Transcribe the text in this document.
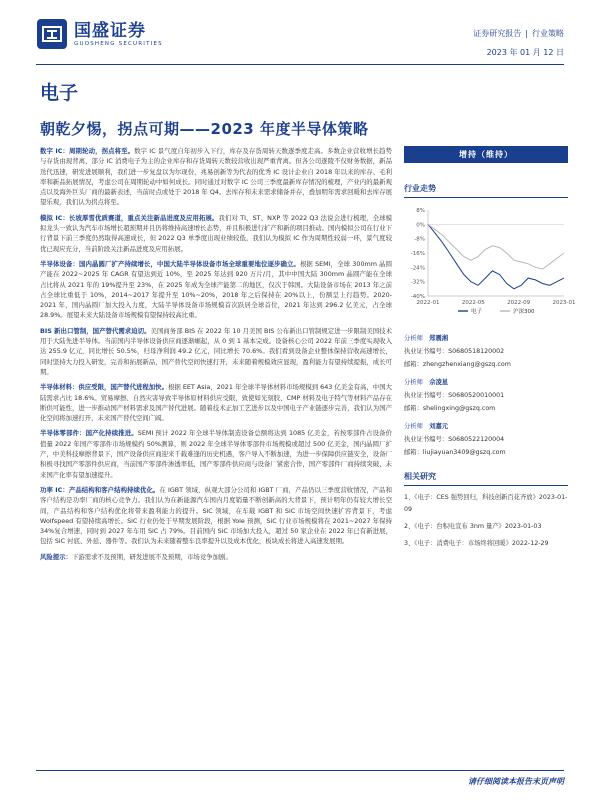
国盛证券
GUOSHENG SECURITIES
证券研究报告 | 行业策略
2023 年 01 月 12 日
电子
朝乾夕惕，拐点可期——2023 年度半导体策略

数字 IC：周期轮动，拐点将至。数字 IC 景气度自年初步入下行，库存及存货周转天数逐季度走高。多数企业营收增长趋势与存货由现背离，部分 IC 消费电子为主的企业库存和存货周转天数较营收出现严重背离。但各公司逐陵不仅财务数据，新品迭代迅速，研发进展顺利，我们进一步复盘以为尔现份，兆易创新等为代表的优秀 IC 设计企业自 2018 年以来的库存、毛利率和新品拓展情况，考虑公司在周期轮动中如何成长。同时通过对数字 IC 公司三季度最新库存情况的梳理，产业内的最新观点以及海外巨头厂商的最新表述，当前时点或处于 2018 年 Q4。去库存和未来需求储备并存，叠加明年需求回暖和去库存展望乐观，我们认为拐点将至。

模拟 IC：长坡厚雪优质赛道，重点关注新品进度及应用拓展。我们对 TI、ST、NXP 等 2022 Q3 法说会进行梳理，全球模拟龙头一致认为汽车市场增长超预期并且仍将维持高速增长态势，并且积极进行扩产和新的项目推动。国内模拟公司在行业下行背景下前三季度仍然取得高速成长，但 2022 Q3 单季度出现业绩较低，我们认为模拟 IC 作为周期性较弱一环，景气度较优已现应充分，当前阶段关注新品进度及应用拓展。

半导体设备：国内晶圆厂扩产持续增长，中国大陆半导体设备市场全球重要地位逐步确立。根据 SEMI，全球 300mm 晶圆产能在 2022~2025 年 CAGR 有望达到近 10%，至 2025 年达到 920 万片/月，其中中国大陆 300mm 晶圆产能在全球占比将从 2021 年的 19%提升至 23%，在 2025 年成为全球产能第二的地区，仅次于韩国。大陆设备市场在 2013 年之前占全球比重低于 10%，2014~2017 年提升至 10%~20%，2018 年之后保持在 20%以上，份额呈上行趋势。2020-2021 年，国内晶圆厂加大投入力度，大陆半导体设备市场规模首次跃居全球首位，2021 年达到 296.2 亿美元，占全球 28.9%。展望未来大陆设备市场规模有望保持较高比重。

BIS 新出口管制，国产替代需求迫切。美国商务部 BIS 在 2022 年 10 月美国 BIS 公布新出口管制规定进一步限制美国技术用于大陆先进半导体。当前国内半导体设备供应商逐渐崛起，从 0 到 1 基本完成。设备核心公司 2022 年前三季度实现收入达 255.9 亿元，同比增长 50.5%，归母净利润 49.2 亿元，同比增长 70.6%。我们看到设备企业整体保持营收高速增长，同时坚持大力投入研发，完善和拓展新品，国产替代空间快速打开，未来随着规模效应显现，盈利能力有望持续提振，成长可期。

半导体材料：供应受限，国产替代进程加快。根据 EET Asia，2021 年全球半导体材料市场规模到 643 亿美金有高，中国大陆需求占比 18.6%。贸易摩擦、自然灾害导致半导体原材料供应受限，致使如光刻胶、CMP 材料及电子特气等材料产品存在断供可能性，进一步推动国产材料需求及国产替代进展。随着技术正加工艺进步以及中国电子产业链逐步完善，我们认为国产化空间将加速打开，未来国产替代空间广阔。

半导体零部件：国产化持续推进。SEMI 预计 2022 年全球半导体制造设备总额将达到 1085 亿美金，若按零部件占设备价值量 2022 年国产零部件市场规模约 50%测算，则 2022 年全球半导体零部件市场规模或超过 500 亿美金，国内晶圆厂扩产，中美科技摩擦背景下，国产设备供应商迎来千载难逢的历史机遇，客户导入不断加速，为进一步保障供应链安全，设备厂积极寻找国产零部件供应商，当前国产零部件渗透率低，国产零部件供应商与设备厂紧密合作，国产零部件厂商持续突破，未来国产化率有望加速提升。

功率 IC：产品结构和客户结构持续优化。在 IGBT 领域，纵观大部分公司和 IGBT 厂商，产品仍以三季度营收情况，产品和客户结构是功率厂商的核心竞争力。我们认为在新能源汽车国内月度销量不断创新高的大背景下，预计明年仍有较大增长空间，产品结构和客户结构优化将带来盈利能力的提升。SiC 领域，在车载 IGBT 和 SiC 市场空间快速扩容背景下，考虑 Wolfspeed 有望持续高增长。SiC 行业仍处于早期发展阶段，根据 Yole 预测，SiC 行业市场规模将在 2021~2027 年保持 34%复合增速，同时到 2027 年车用 SiC 占 79%。目前国内 SiC 市场加大投入，超过 50 家企业在 2022 年已有新进展，包括 SiC 衬底、外延、器件等。我们认为未来随着整车良率提升以及成本优化，板块成长将进入高速发展期。

风险提示：下游需求不及预期，研发进展不及预期，市场竞争加剧。

增持（维持）
行业走势
8%
0%
-8%
-16%
-24%
-32%
-40%
2022-01	2022-05	2022-09	2023-01
电子	沪深300
分析师　 郑震湘
执业证书编号：S0680518120002
邮箱：zhengzhenxiang@gszq.com
分析师　 佘凌星
执业证书编号：S0680520010001
邮箱：shelingxing@gszq.com
分析师　 刘嘉元
执业证书编号：S0680522120004
邮箱：liujiayuan3409@gszq.com
相关研究
1、《电子：CES 强势回归，科技创新百花齐放》2023-01-09
2、《电子：台积电宣布 3nm 量产》2023-01-03
3、《电子：消费电子：市场终将回暖》2022-12-29
请仔细阅读本报告末页声明
